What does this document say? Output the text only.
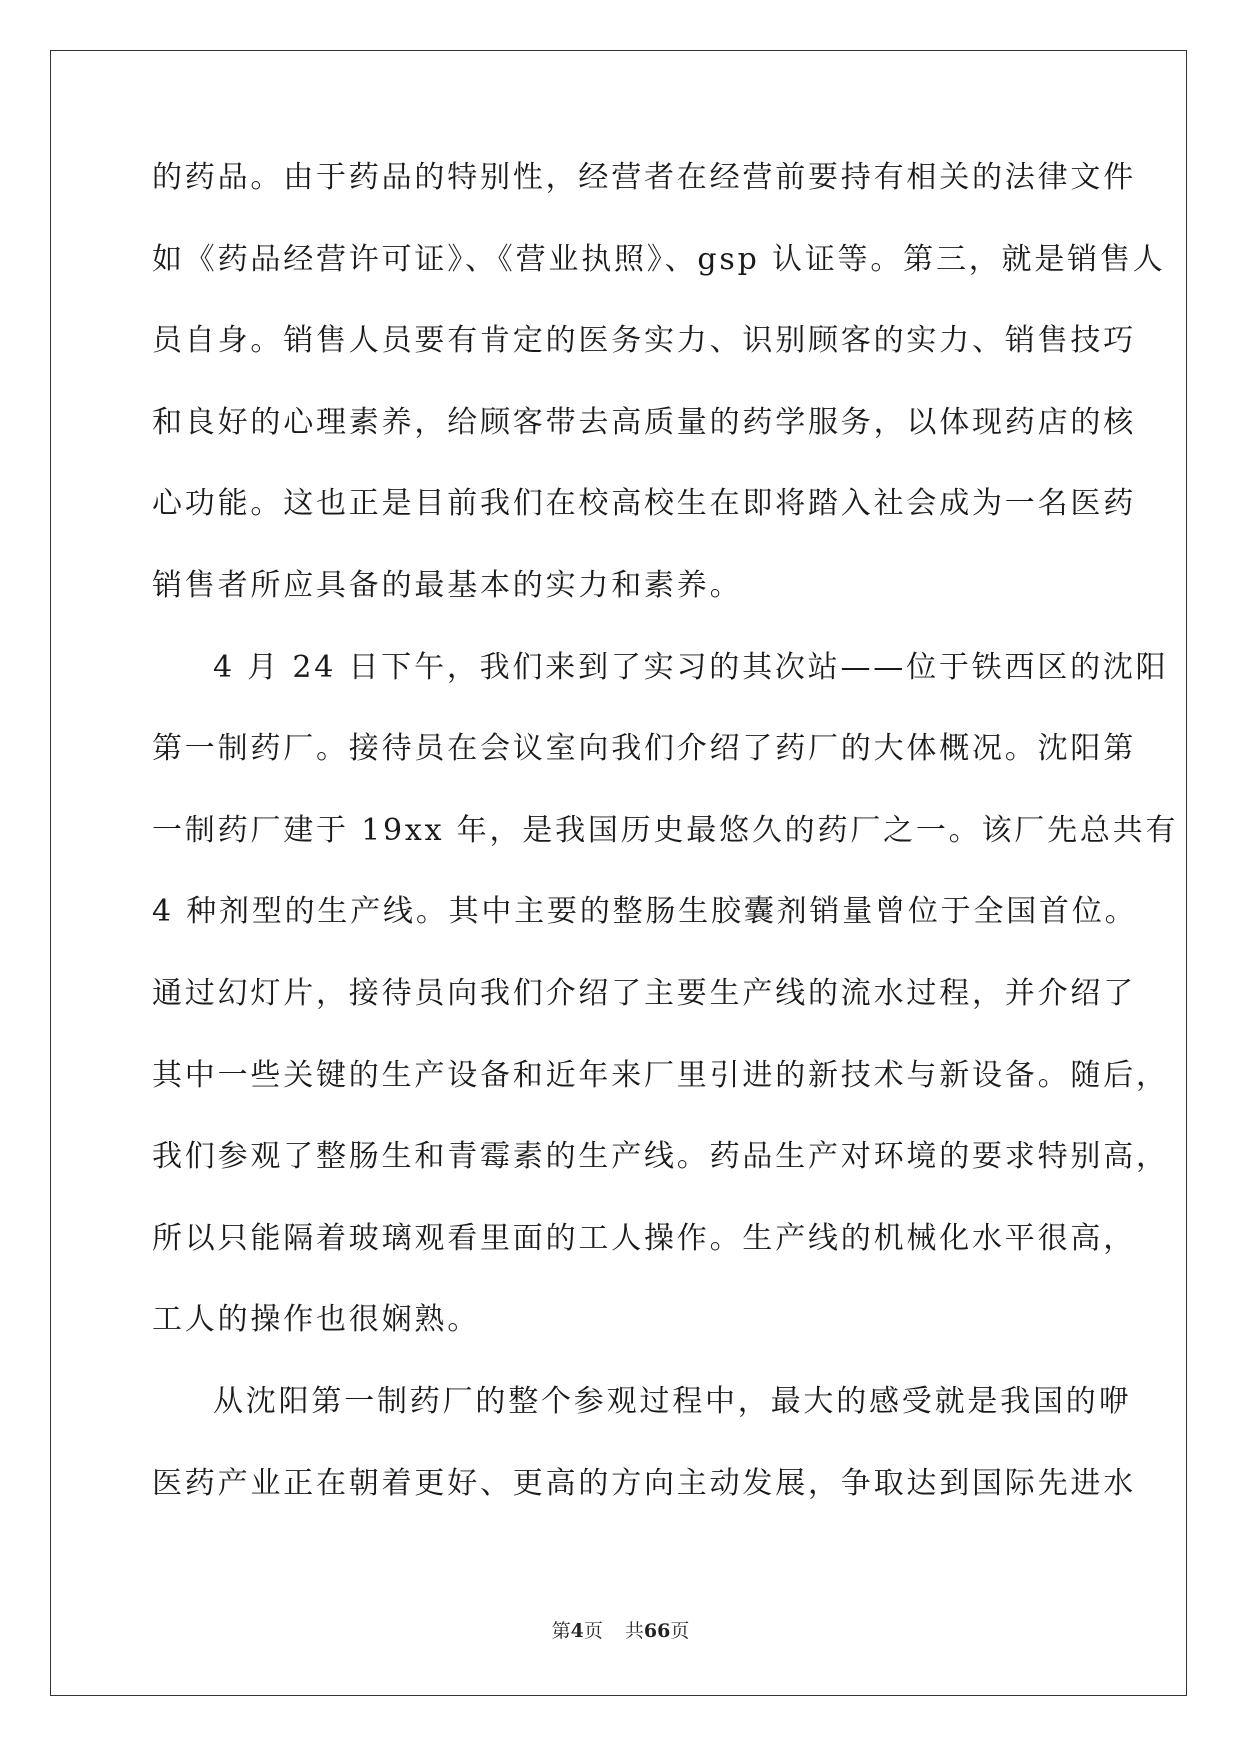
的药品。由于药品的特别性，经营者在经营前要持有相关的法律文件
如《药品经营许可证》、《营业执照》、gsp 认证等。第三，就是销售人
员自身。销售人员要有肯定的医务实力、识别顾客的实力、销售技巧
和良好的心理素养，给顾客带去高质量的药学服务，以体现药店的核
心功能。这也正是目前我们在校高校生在即将踏入社会成为一名医药
销售者所应具备的最基本的实力和素养。
4 月 24 日下午，我们来到了实习的其次站——位于铁西区的沈阳
第一制药厂。接待员在会议室向我们介绍了药厂的大体概况。沈阳第
一制药厂建于 19xx 年，是我国历史最悠久的药厂之一。该厂先总共有
4 种剂型的生产线。其中主要的整肠生胶囊剂销量曾位于全国首位。
通过幻灯片，接待员向我们介绍了主要生产线的流水过程，并介绍了
其中一些关键的生产设备和近年来厂里引进的新技术与新设备。随后，
我们参观了整肠生和青霉素的生产线。药品生产对环境的要求特别高，
所以只能隔着玻璃观看里面的工人操作。生产线的机械化水平很高，
工人的操作也很娴熟。
从沈阳第一制药厂的整个参观过程中，最大的感受就是我国的咿
医药产业正在朝着更好、更高的方向主动发展，争取达到国际先进水
第4页 共66页
